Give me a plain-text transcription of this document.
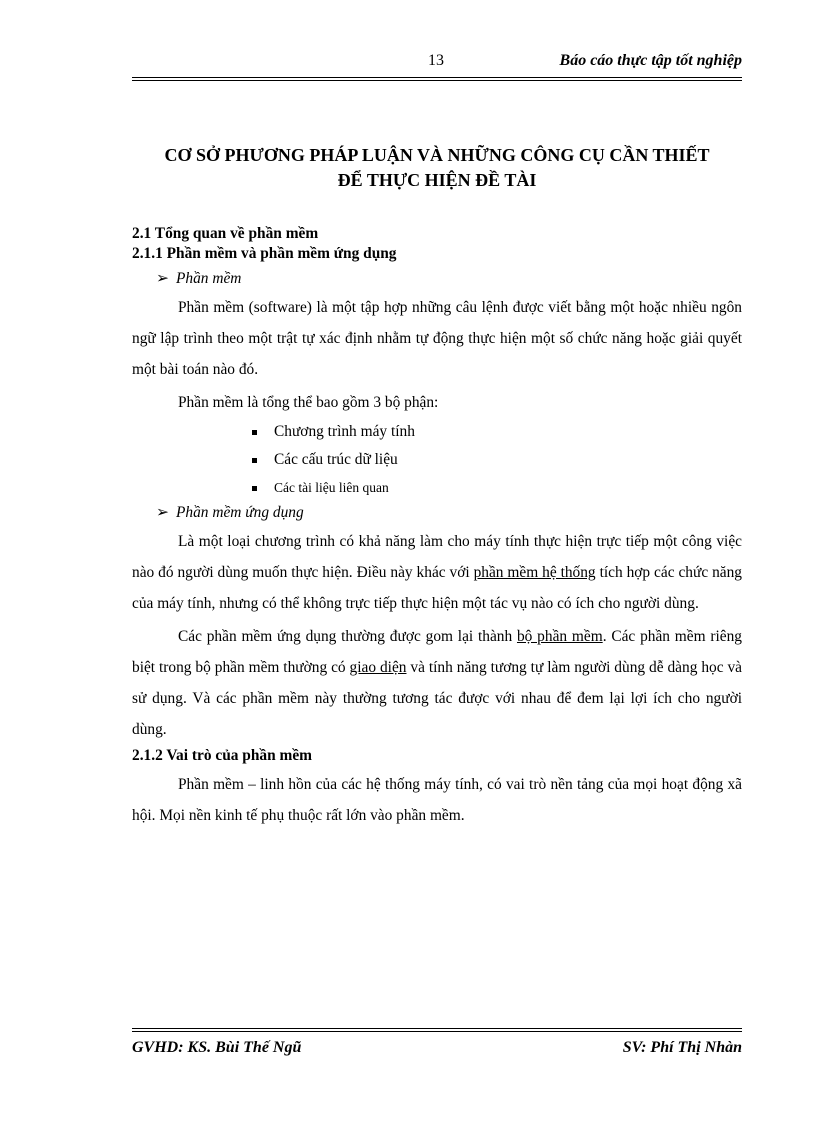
13	Báo cáo thực tập tốt nghiệp
CƠ SỞ PHƯƠNG PHÁP LUẬN VÀ NHỮNG CÔNG CỤ CẦN THIẾT
ĐỂ THỰC HIỆN ĐỀ TÀI

2.1 Tổng quan về phần mềm

2.1.1 Phần mềm và phần mềm ứng dụng

➢ Phần mềm

Phần mềm (software) là một tập hợp những câu lệnh được viết bằng một hoặc nhiều ngôn ngữ lập trình theo một trật tự xác định nhằm tự động thực hiện một số chức năng hoặc giải quyết một bài toán nào đó.

Phần mềm là tổng thể bao gồm 3 bộ phận:

Chương trình máy tính
Các cấu trúc dữ liệu
Các tài liệu liên quan

➢ Phần mềm ứng dụng

Là một loại chương trình có khả năng làm cho máy tính thực hiện trực tiếp một công việc nào đó người dùng muốn thực hiện. Điều này khác với phần mềm hệ thống tích hợp các chức năng của máy tính, nhưng có thể không trực tiếp thực hiện một tác vụ nào có ích cho người dùng.

Các phần mềm ứng dụng thường được gom lại thành bộ phần mềm. Các phần mềm riêng biệt trong bộ phần mềm thường có giao diện và tính năng tương tự làm người dùng dễ dàng học và sử dụng. Và các phần mềm này thường tương tác được với nhau để đem lại lợi ích cho người dùng.

2.1.2 Vai trò của phần mềm

Phần mềm – linh hồn của các hệ thống máy tính, có vai trò nền tảng của mọi hoạt động xã hội. Mọi nền kinh tế phụ thuộc rất lớn vào phần mềm.

GVHD: KS. Bùi Thế Ngũ	SV: Phí Thị Nhàn
